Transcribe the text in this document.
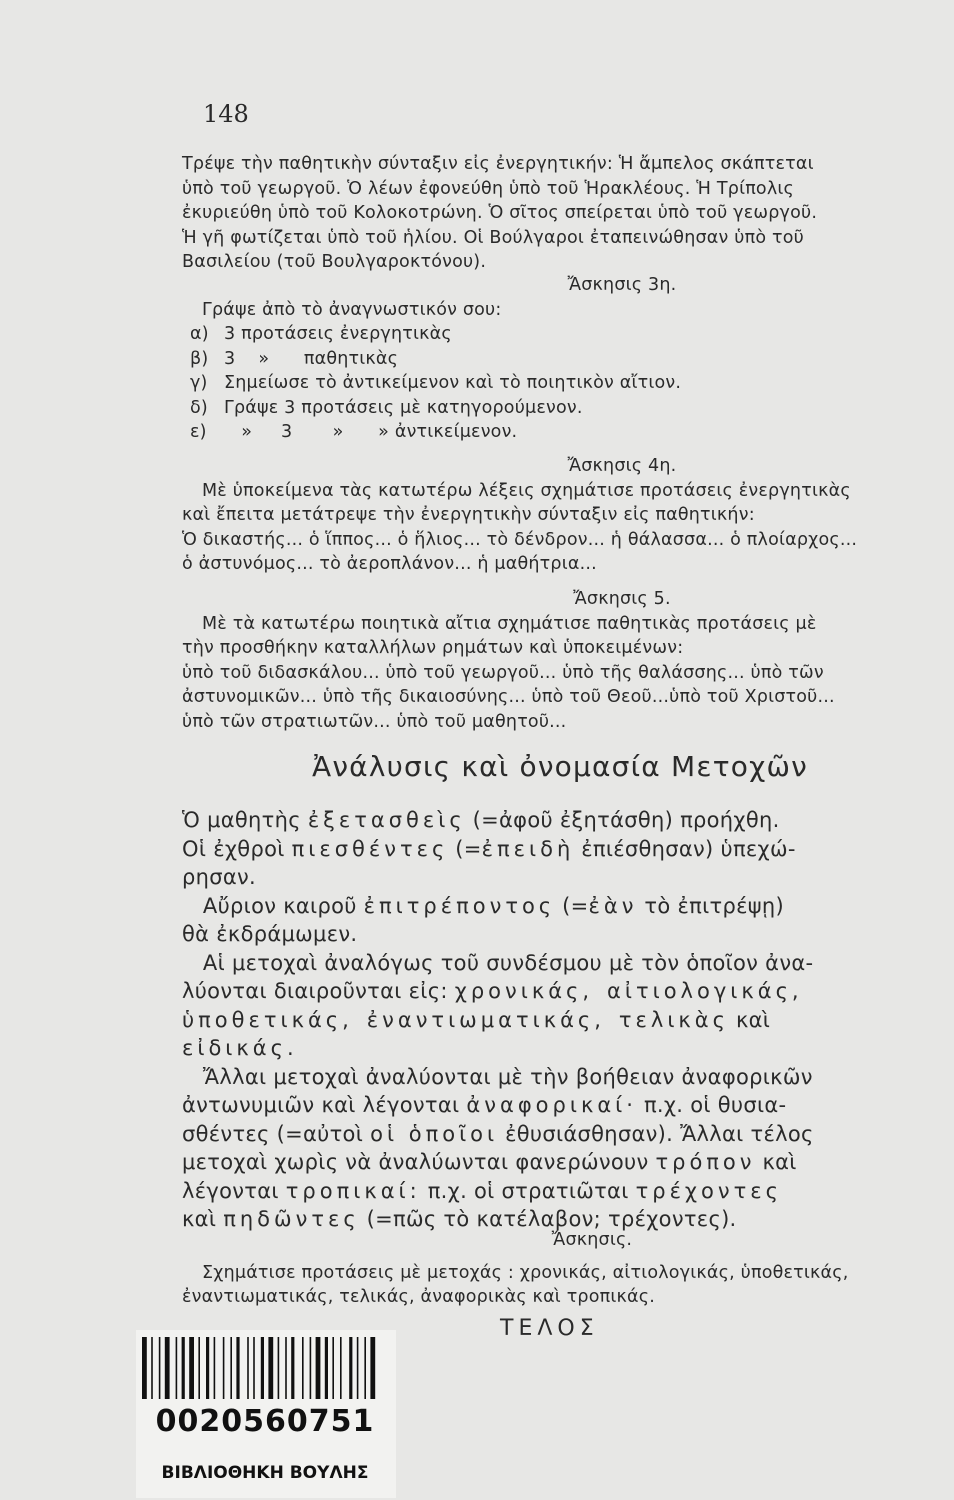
148
Τρέψε τὴν παθητικὴν σύνταξιν εἰς ἐνεργητικήν: Ἡ ἄμπελος σκάπτεται
ὑπὸ τοῦ γεωργοῦ. Ὁ λέων ἐφονεύθη ὑπὸ τοῦ Ἡρακλέους. Ἡ Τρίπολις
ἐκυριεύθη ὑπὸ τοῦ Κολοκοτρώνη. Ὁ σῖτος σπείρεται ὑπὸ τοῦ γεωργοῦ.
Ἡ γῆ φωτίζεται ὑπὸ τοῦ ἡλίου. Οἱ Βούλγαροι ἐταπεινώθησαν ὑπὸ τοῦ
Βασιλείου (τοῦ Βουλγαροκτόνου).
Ἄσκησις 3η.
Γράψε ἀπὸ τὸ ἀναγνωστικόν σου:
α) 3 προτάσεις ἐνεργητικὰς
β) 3    »      παθητικὰς
γ) Σημείωσε τὸ ἀντικείμενον καὶ τὸ ποιητικὸν αἴτιον.
δ) Γράψε 3 προτάσεις μὲ κατηγορούμενον.
ε) »     3       »      » ἀντικείμενον.
Ἄσκησις 4η.
Μὲ ὑποκείμενα τὰς κατωτέρω λέξεις σχημάτισε προτάσεις ἐνεργητικὰς
καὶ ἔπειτα μετάτρεψε τὴν ἐνεργητικὴν σύνταξιν εἰς παθητικήν:
Ὁ δικαστής... ὁ ἵππος... ὁ ἥλιος... τὸ δένδρον... ἡ θάλασσα... ὁ πλοίαρχος...
ὁ ἀστυνόμος... τὸ ἀεροπλάνον... ἡ μαθήτρια...
Ἄσκησις 5.
Μὲ τὰ κατωτέρω ποιητικὰ αἴτια σχημάτισε παθητικὰς προτάσεις μὲ
τὴν προσθήκην καταλλήλων ρημάτων καὶ ὑποκειμένων:
ὑπὸ τοῦ διδασκάλου... ὑπὸ τοῦ γεωργοῦ... ὑπὸ τῆς θαλάσσης... ὑπὸ τῶν
ἀστυνομικῶν... ὑπὸ τῆς δικαιοσύνης... ὑπὸ τοῦ Θεοῦ...ὑπὸ τοῦ Χριστοῦ...
ὑπὸ τῶν στρατιωτῶν... ὑπὸ τοῦ μαθητοῦ...
Ἀνάλυσις καὶ ὀνομασία Μετοχῶν
Ὁ μαθητὴς ἐξετασθεὶς (=ἀφοῦ ἐξητάσθη) προήχθη.
Οἱ ἐχθροὶ πιεσθέντες (=ἐπειδὴ ἐπιέσθησαν) ὑπεχώ-
ρησαν.
Αὔριον καιροῦ ἐπιτρέποντος (=ἐὰν τὸ ἐπιτρέψῃ)
θὰ ἐκδράμωμεν.
Αἱ μετοχαὶ ἀναλόγως τοῦ συνδέσμου μὲ τὸν ὁποῖον ἀνα-
λύονται διαιροῦνται εἰς: χρονικάς, αἰτιολογικάς,
ὑποθετικάς, ἐναντιωματικάς, τελικὰς καὶ
εἰδικάς.
Ἄλλαι μετοχαὶ ἀναλύονται μὲ τὴν βοήθειαν ἀναφορικῶν
ἀντωνυμιῶν καὶ λέγονται ἀναφορικαί· π.χ. οἱ θυσια-
σθέντες (=αὐτοὶ οἱ ὁποῖοι ἐθυσιάσθησαν). Ἄλλαι τέλος
μετοχαὶ χωρὶς νὰ ἀναλύωνται φανερώνουν τρόπον καὶ
λέγονται τροπικαί: π.χ. οἱ στρατιῶται τρέχοντες
καὶ πηδῶντες (=πῶς τὸ κατέλαβον; τρέχοντες).
Ἄσκησις.
Σχημάτισε προτάσεις μὲ μετοχάς : χρονικάς, αἰτιολογικάς, ὑποθετικάς,
ἐναντιωματικάς, τελικάς, ἀναφορικὰς καὶ τροπικάς.
ΤΕΛΟΣ
0020560751
ΒΙΒΛΙΟΘΗΚΗ ΒΟΥΛΗΣ
